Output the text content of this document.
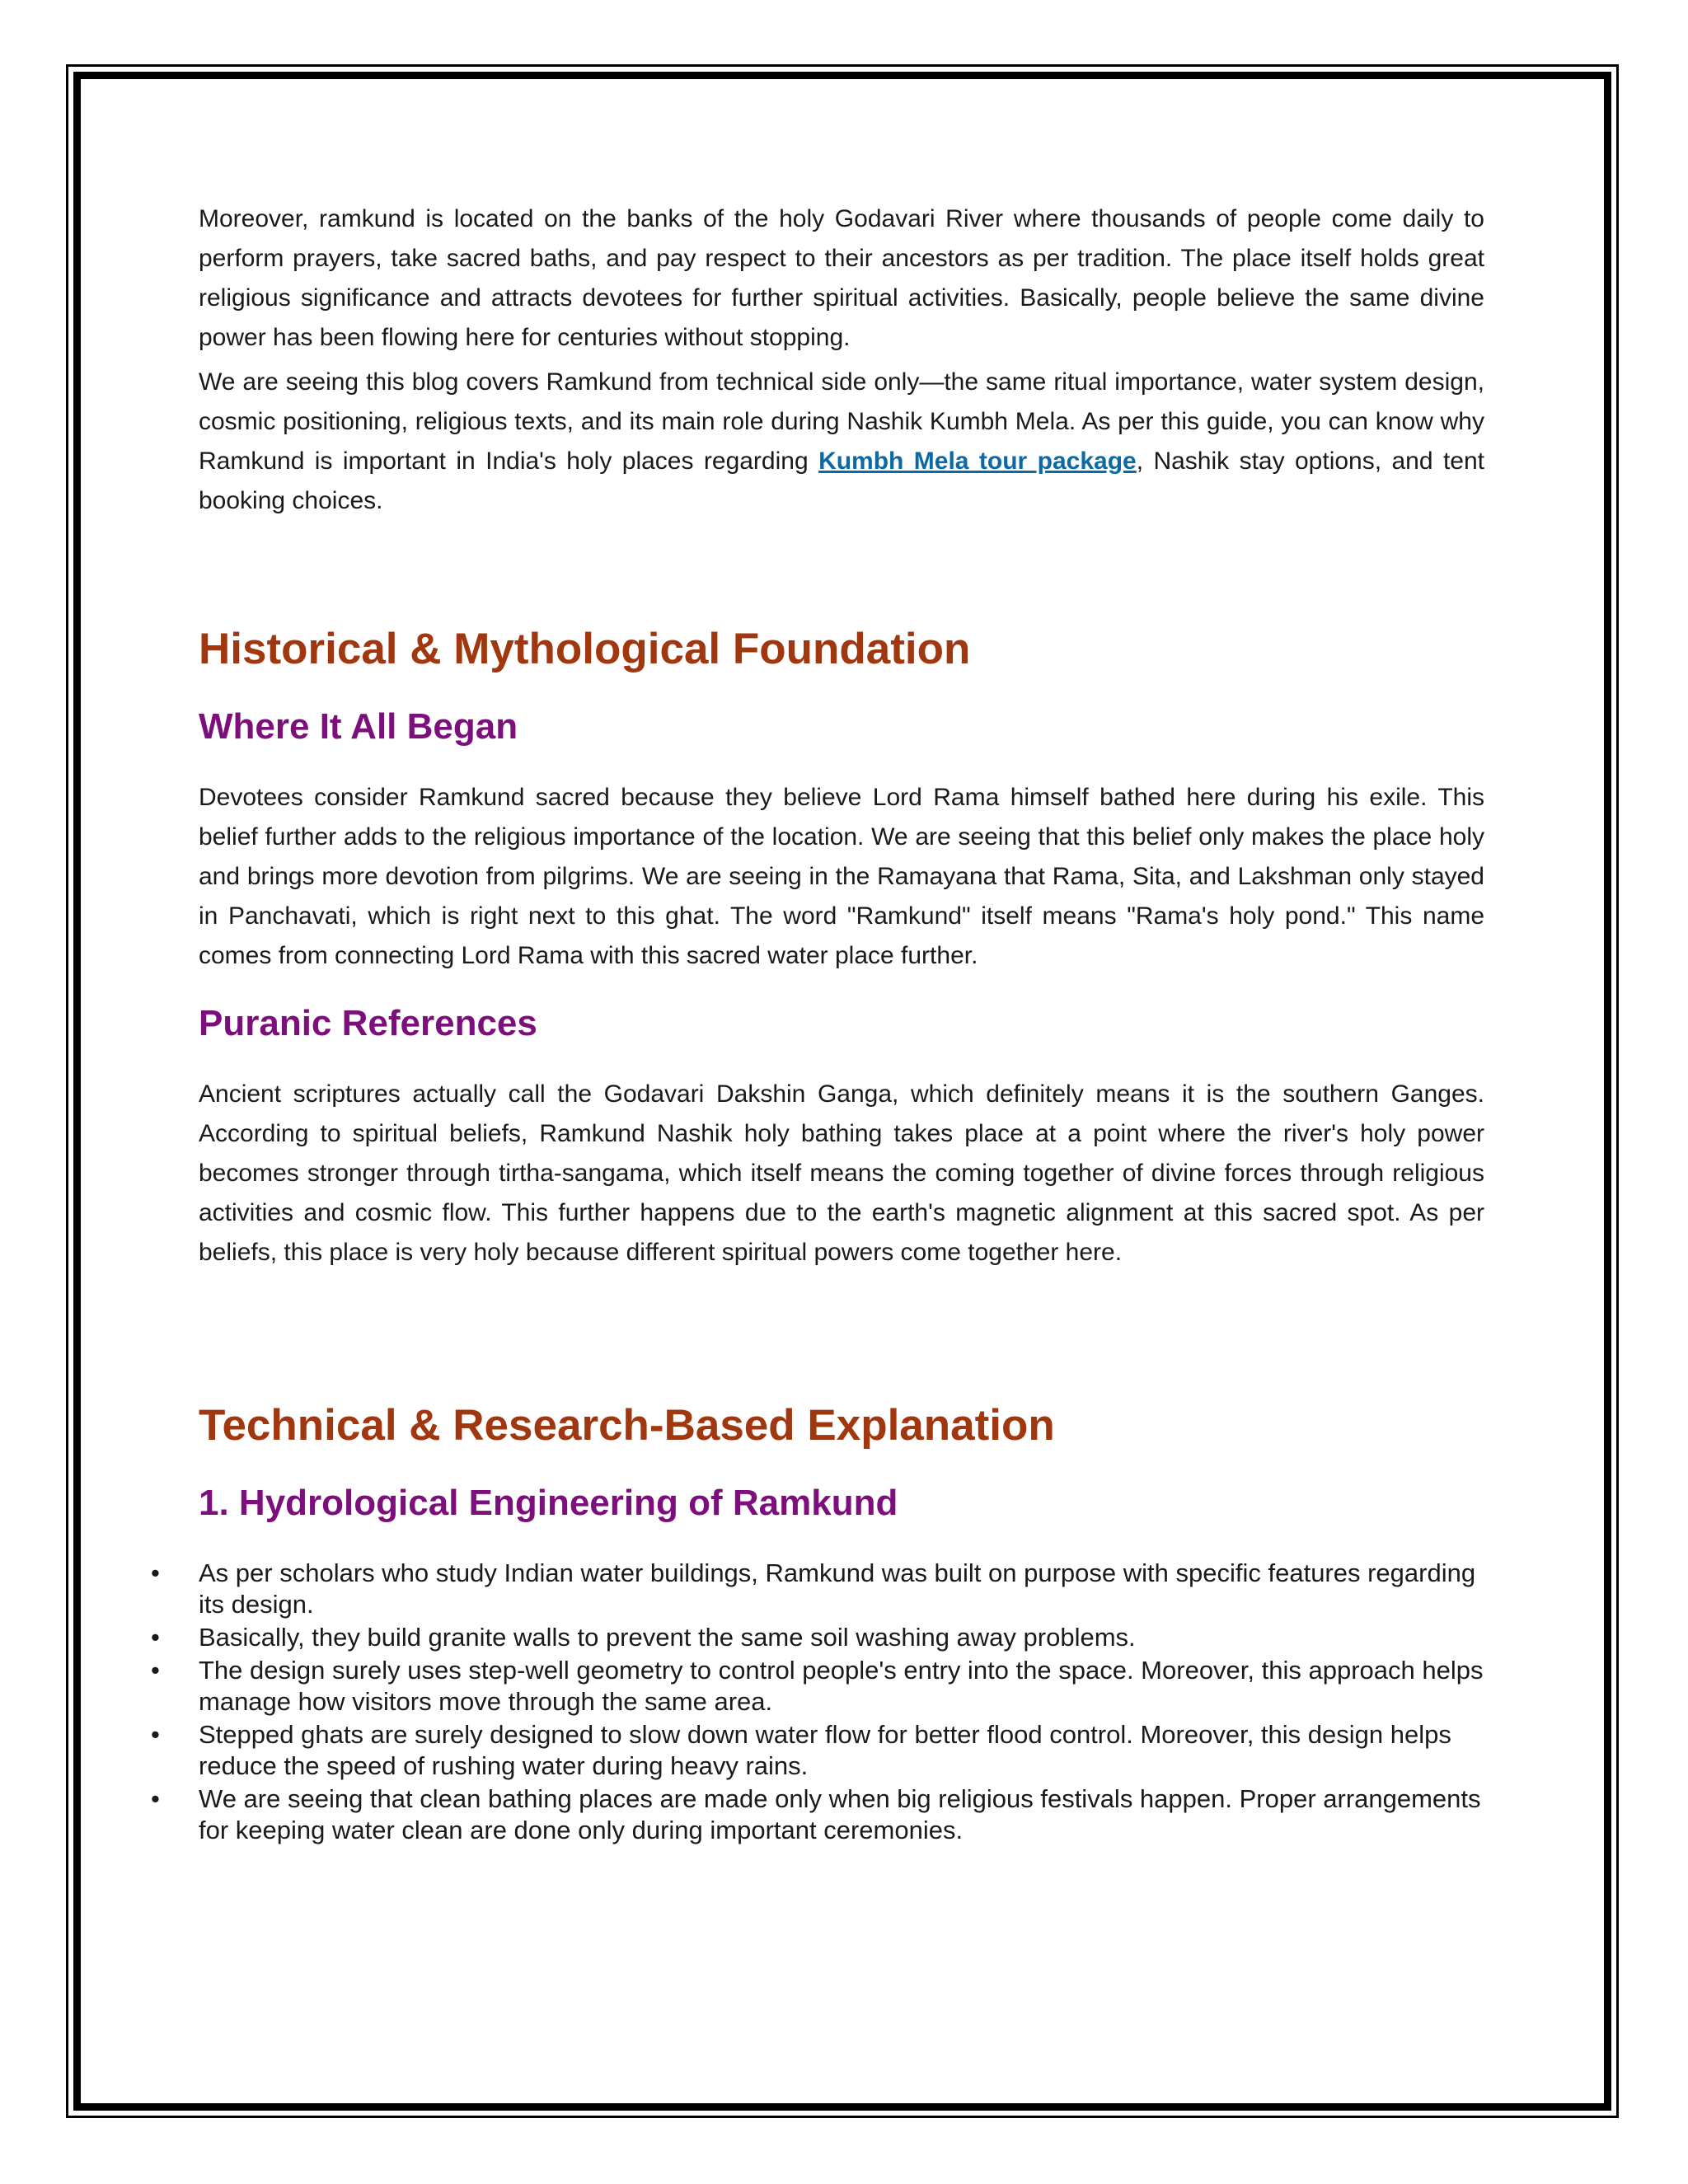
Moreover, ramkund is located on the banks of the holy Godavari River where thousands of people come daily to perform prayers, take sacred baths, and pay respect to their ancestors as per tradition. The place itself holds great religious significance and attracts devotees for further spiritual activities. Basically, people believe the same divine power has been flowing here for centuries without stopping.

We are seeing this blog covers Ramkund from technical side only—the same ritual importance, water system design, cosmic positioning, religious texts, and its main role during Nashik Kumbh Mela. As per this guide, you can know why Ramkund is important in India's holy places regarding Kumbh Mela tour package, Nashik stay options, and tent booking choices.

Historical & Mythological Foundation
Where It All Began

Devotees consider Ramkund sacred because they believe Lord Rama himself bathed here during his exile. This belief further adds to the religious importance of the location. We are seeing that this belief only makes the place holy and brings more devotion from pilgrims. We are seeing in the Ramayana that Rama, Sita, and Lakshman only stayed in Panchavati, which is right next to this ghat. The word "Ramkund" itself means "Rama's holy pond." This name comes from connecting Lord Rama with this sacred water place further.

Puranic References

Ancient scriptures actually call the Godavari Dakshin Ganga, which definitely means it is the southern Ganges. According to spiritual beliefs, Ramkund Nashik holy bathing takes place at a point where the river's holy power becomes stronger through tirtha-sangama, which itself means the coming together of divine forces through religious activities and cosmic flow. This further happens due to the earth's magnetic alignment at this sacred spot. As per beliefs, this place is very holy because different spiritual powers come together here.

Technical & Research-Based Explanation
1. Hydrological Engineering of Ramkund
• As per scholars who study Indian water buildings, Ramkund was built on purpose with specific features regarding its design.
• Basically, they build granite walls to prevent the same soil washing away problems.
• The design surely uses step-well geometry to control people's entry into the space. Moreover, this approach helps manage how visitors move through the same area.
• Stepped ghats are surely designed to slow down water flow for better flood control. Moreover, this design helps reduce the speed of rushing water during heavy rains.
• We are seeing that clean bathing places are made only when big religious festivals happen. Proper arrangements for keeping water clean are done only during important ceremonies.
